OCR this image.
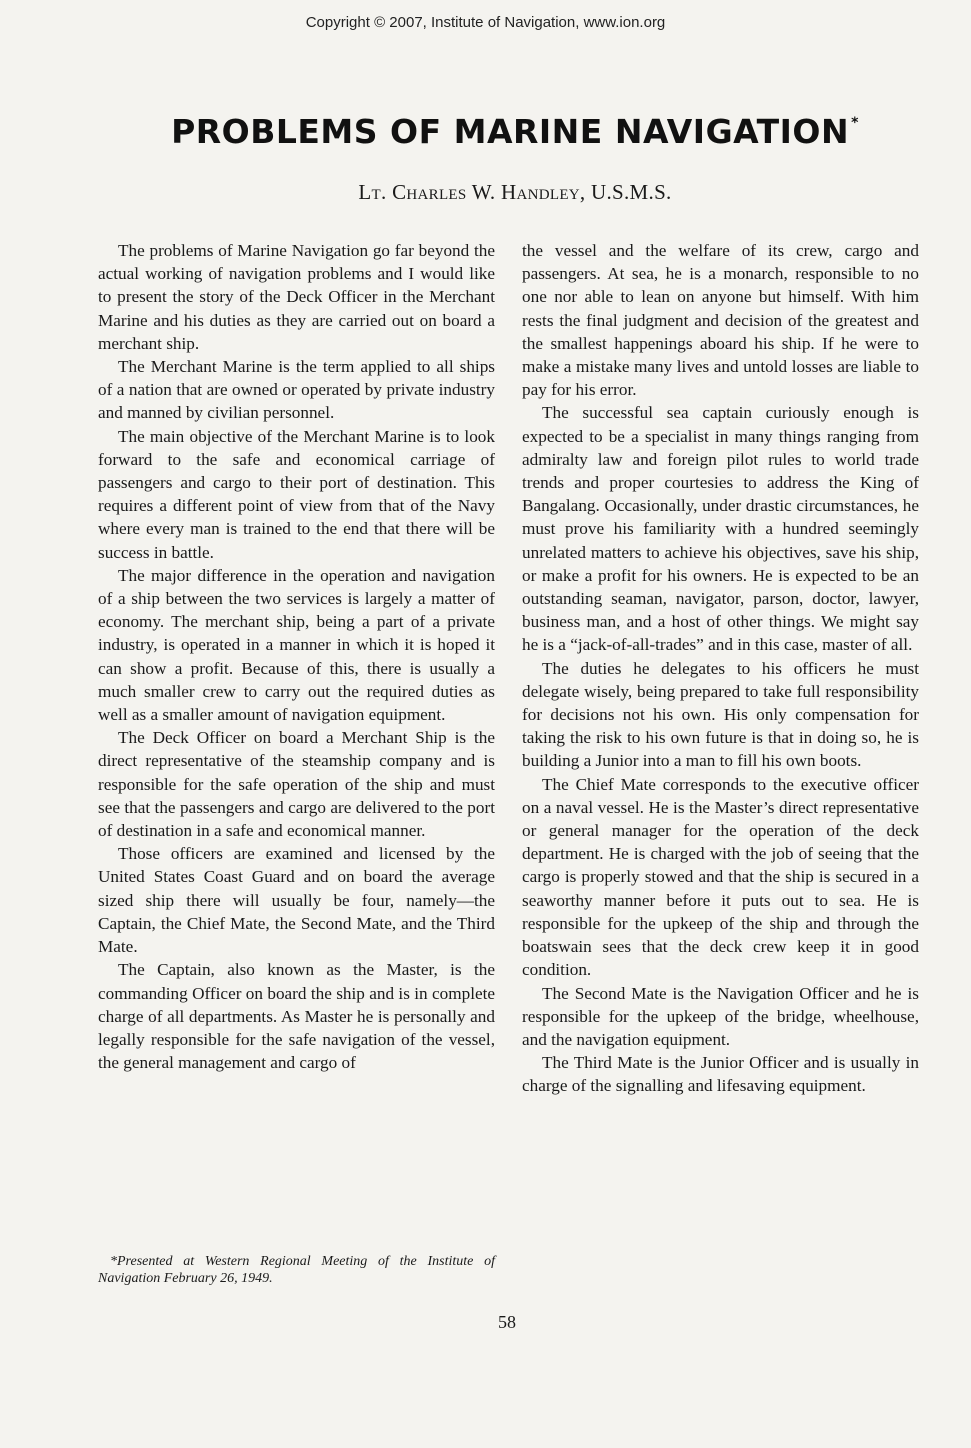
Copyright © 2007, Institute of Navigation, www.ion.org
PROBLEMS OF MARINE NAVIGATION *
Lt. Charles W. Handley, U.S.M.S.

The problems of Marine Navigation go far beyond the actual working of navigation problems and I would like to present the story of the Deck Officer in the Merchant Marine and his duties as they are carried out on board a merchant ship.

The Merchant Marine is the term applied to all ships of a nation that are owned or operated by private industry and manned by civilian personnel.

The main objective of the Merchant Marine is to look forward to the safe and economical carriage of passengers and cargo to their port of destination. This requires a different point of view from that of the Navy where every man is trained to the end that there will be success in battle.

The major difference in the operation and navigation of a ship between the two services is largely a matter of economy. The merchant ship, being a part of a private industry, is operated in a manner in which it is hoped it can show a profit. Because of this, there is usually a much smaller crew to carry out the required duties as well as a smaller amount of navigation equipment.

The Deck Officer on board a Merchant Ship is the direct representative of the steamship company and is responsible for the safe operation of the ship and must see that the passengers and cargo are delivered to the port of destination in a safe and economical manner.

Those officers are examined and licensed by the United States Coast Guard and on board the average sized ship there will usually be four, namely—the Captain, the Chief Mate, the Second Mate, and the Third Mate.

The Captain, also known as the Master, is the commanding Officer on board the ship and is in complete charge of all departments. As Master he is personally and legally responsible for the safe navigation of the vessel, the general management and cargo of

*Presented at Western Regional Meeting of the Institute of Navigation February 26, 1949.

the vessel and the welfare of its crew, cargo and passengers. At sea, he is a monarch, responsible to no one nor able to lean on anyone but himself. With him rests the final judgment and decision of the greatest and the smallest happenings aboard his ship. If he were to make a mistake many lives and untold losses are liable to pay for his error.

The successful sea captain curiously enough is expected to be a specialist in many things ranging from admiralty law and foreign pilot rules to world trade trends and proper courtesies to address the King of Bangalang. Occasionally, under drastic circumstances, he must prove his familiarity with a hundred seemingly unrelated matters to achieve his objectives, save his ship, or make a profit for his owners. He is expected to be an outstanding seaman, navigator, parson, doctor, lawyer, business man, and a host of other things. We might say he is a “jack-of-all-trades” and in this case, master of all.

The duties he delegates to his officers he must delegate wisely, being prepared to take full responsibility for decisions not his own. His only compensation for taking the risk to his own future is that in doing so, he is building a Junior into a man to fill his own boots.

The Chief Mate corresponds to the executive officer on a naval vessel. He is the Master’s direct representative or general manager for the operation of the deck department. He is charged with the job of seeing that the cargo is properly stowed and that the ship is secured in a seaworthy manner before it puts out to sea. He is responsible for the upkeep of the ship and through the boatswain sees that the deck crew keep it in good condition.

The Second Mate is the Navigation Officer and he is responsible for the upkeep of the bridge, wheelhouse, and the navigation equipment.

The Third Mate is the Junior Officer and is usually in charge of the signalling and lifesaving equipment.

58
